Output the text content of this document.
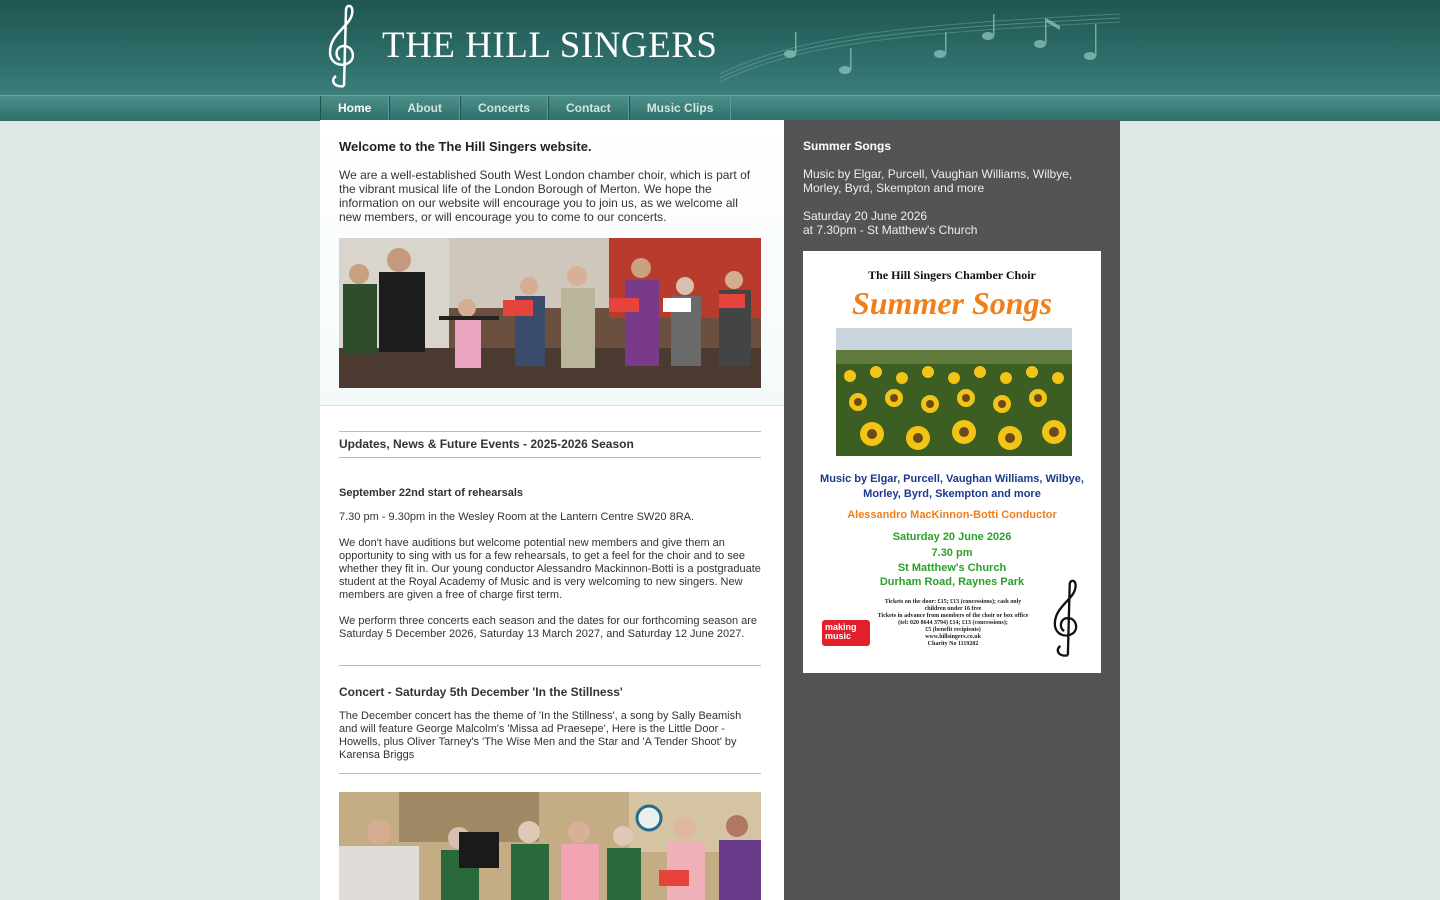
THE HILL SINGERS
Home	About	Concerts	Contact	Music Clips
Welcome to the The Hill Singers website.
We are a well-established South West London chamber choir, which is part of the vibrant musical life of the London Borough of Merton. We hope the information on our website will encourage you to join us, as we welcome all new members, or will encourage you to come to our concerts.
Updates, News & Future Events - 2025-2026 Season
September 22nd start of rehearsals
7.30 pm - 9.30pm in the Wesley Room at the Lantern Centre SW20 8RA.
We don't have auditions but welcome potential new members and give them an opportunity to sing with us for a few rehearsals, to get a feel for the choir and to see whether they fit in. Our young conductor Alessandro Mackinnon-Botti is a postgraduate student at the Royal Academy of Music and is very welcoming to new singers. New members are given a free of charge first term.
We perform three concerts each season and the dates for our forthcoming season are Saturday 5 December 2026, Saturday 13 March 2027, and Saturday 12 June 2027.
Concert - Saturday 5th December 'In the Stillness'
The December concert has the theme of 'In the Stillness', a song by Sally Beamish and will feature George Malcolm's 'Missa ad Praesepe', Here is the Little Door - Howells, plus Oliver Tarney's 'The Wise Men and the Star and 'A Tender Shoot' by Karensa Briggs
Summer Songs
Music by Elgar, Purcell, Vaughan Williams, Wilbye, Morley, Byrd, Skempton and more
Saturday 20 June 2026
at 7.30pm - St Matthew's Church
The Hill Singers Chamber Choir
Summer Songs
Music by Elgar, Purcell, Vaughan Williams, Wilbye,
Morley, Byrd, Skempton and more
Alessandro MacKinnon-Botti Conductor
Saturday 20 June 2026
7.30 pm
St Matthew's Church
Durham Road, Raynes Park
Tickets on the door: £15; £13 (concessions); cash only
children under 16 free
Tickets in advance from members of the choir or box office
(tel: 020 8644 3794) £14; £13 (concessions);
£5 (benefit recipients)
www.hillsingers.co.uk
Charity No 1119202
making music
